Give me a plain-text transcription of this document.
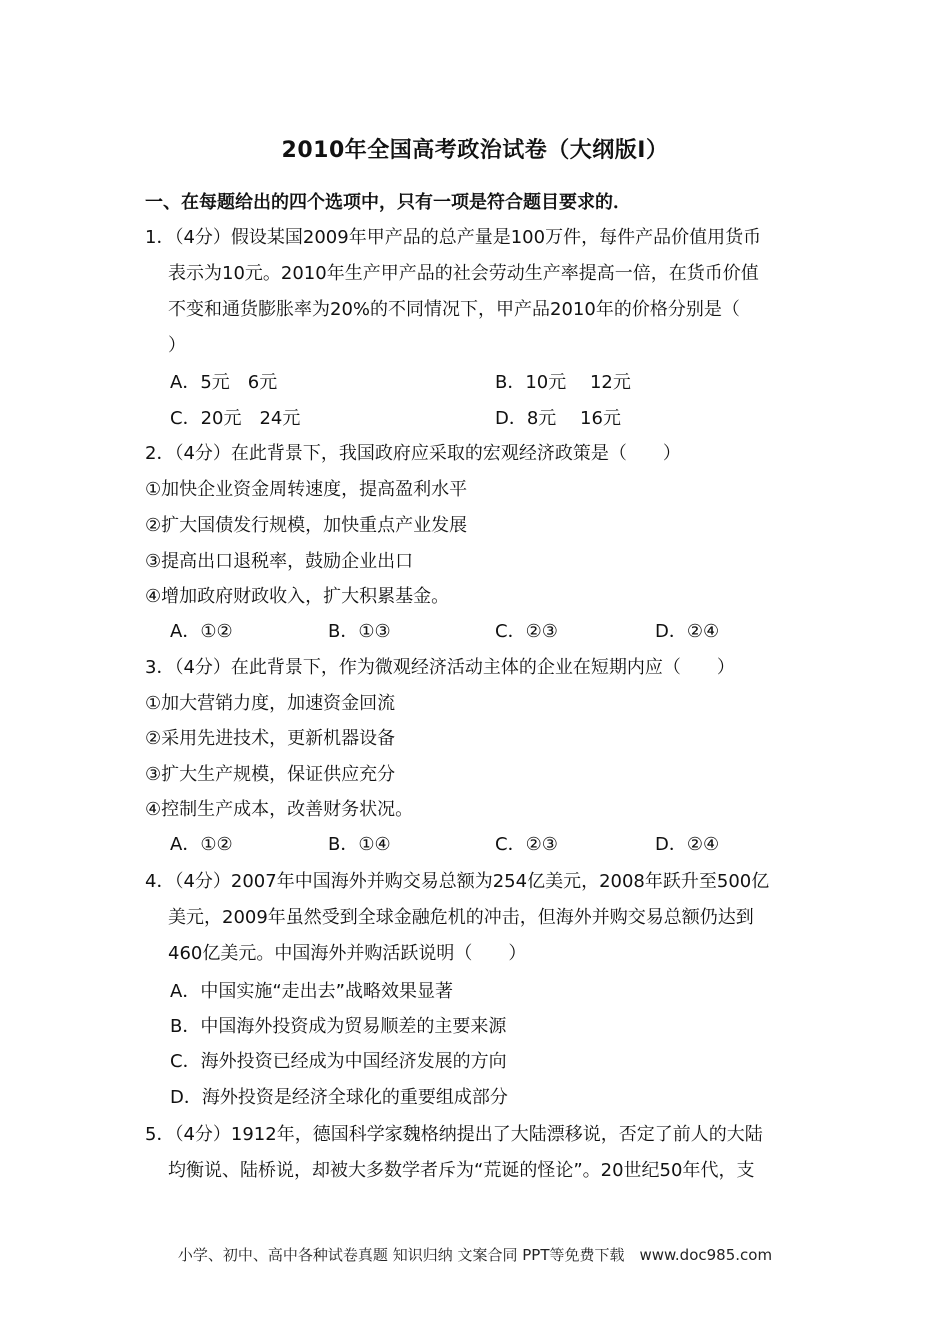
2010年全国高考政治试卷（大纲版I）
一、在每题给出的四个选项中，只有一项是符合题目要求的．
1．（4分）假设某国2009年甲产品的总产量是100万件，每件产品价值用货币
表示为10元。2010年生产甲产品的社会劳动生产率提高一倍，在货币价值
不变和通货膨胀率为20%的不同情况下，甲产品2010年的价格分别是（
）
A．5元　6元	B．10元　 12元
C．20元　24元	D．8元　 16元
2．（4分）在此背景下，我国政府应采取的宏观经济政策是（　　）
①加快企业资金周转速度，提高盈利水平
②扩大国债发行规模，加快重点产业发展
③提高出口退税率，鼓励企业出口
④增加政府财政收入，扩大积累基金。
A．①②	B．①③	C．②③	D．②④
3．（4分）在此背景下，作为微观经济活动主体的企业在短期内应（　　）
①加大营销力度，加速资金回流
②采用先进技术，更新机器设备
③扩大生产规模，保证供应充分
④控制生产成本，改善财务状况。
A．①②	B．①④	C．②③	D．②④
4．（4分）2007年中国海外并购交易总额为254亿美元，2008年跃升至500亿
美元，2009年虽然受到全球金融危机的冲击，但海外并购交易总额仍达到
460亿美元。中国海外并购活跃说明（　　）
A．中国实施“走出去”战略效果显著
B．中国海外投资成为贸易顺差的主要来源
C．海外投资已经成为中国经济发展的方向
D．海外投资是经济全球化的重要组成部分
5．（4分）1912年，德国科学家魏格纳提出了大陆漂移说，否定了前人的大陆
均衡说、陆桥说，却被大多数学者斥为“荒诞的怪论”。20世纪50年代，支
小学、初中、高中各种试卷真题 知识归纳 文案合同 PPT等免费下载　www.doc985.com
